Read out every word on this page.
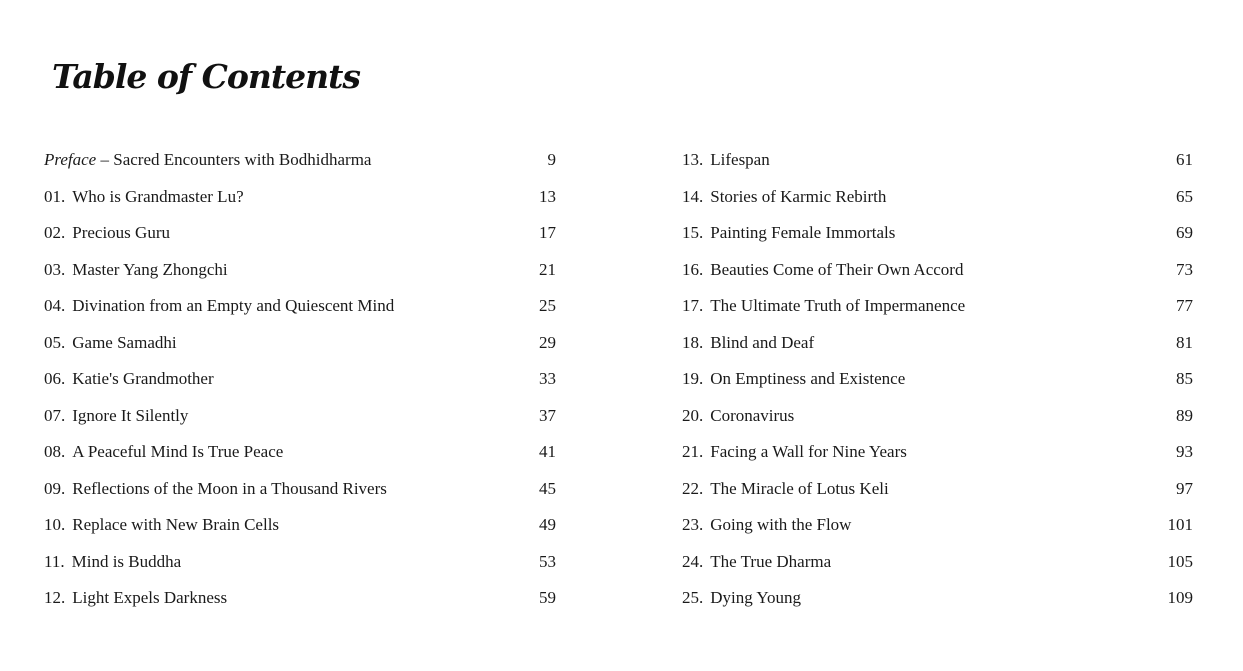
Table of Contents
Preface – Sacred Encounters with Bodhidharma	9
01. Who is Grandmaster Lu?	13
02. Precious Guru	17
03. Master Yang Zhongchi	21
04. Divination from an Empty and Quiescent Mind	25
05. Game Samadhi	29
06. Katie's Grandmother	33
07. Ignore It Silently	37
08. A Peaceful Mind Is True Peace	41
09. Reflections of the Moon in a Thousand Rivers	45
10. Replace with New Brain Cells	49
11. Mind is Buddha	53
12. Light Expels Darkness	59
13. Lifespan	61
14. Stories of Karmic Rebirth	65
15. Painting Female Immortals	69
16. Beauties Come of Their Own Accord	73
17. The Ultimate Truth of Impermanence	77
18. Blind and Deaf	81
19. On Emptiness and Existence	85
20. Coronavirus	89
21. Facing a Wall for Nine Years	93
22. The Miracle of Lotus Keli	97
23. Going with the Flow	101
24. The True Dharma	105
25. Dying Young	109
